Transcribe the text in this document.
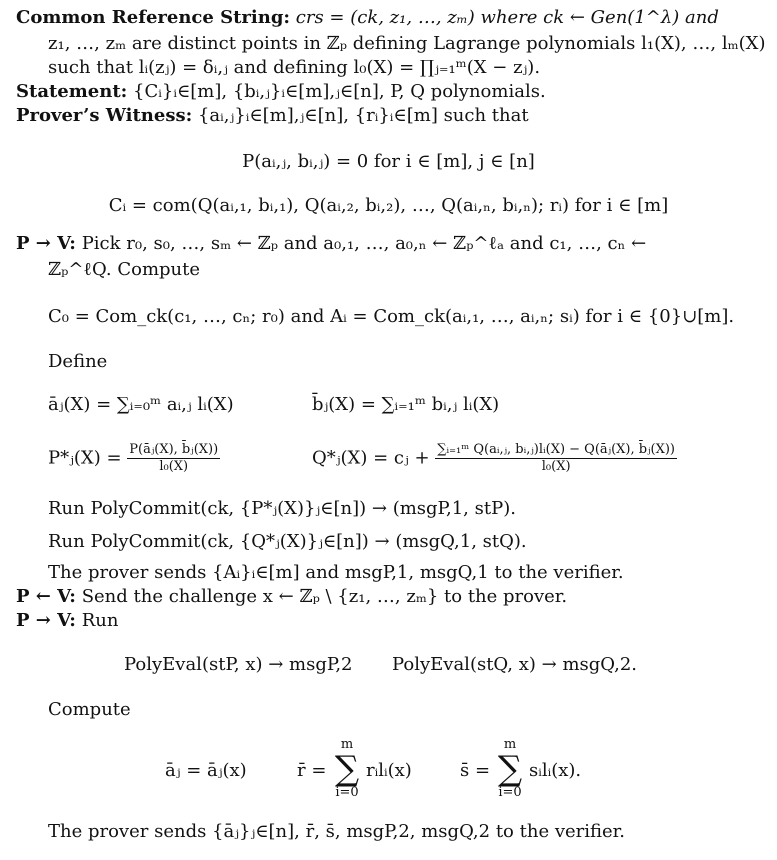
Common Reference String: crs = (ck, z₁, …, zₘ) where ck ← Gen(1^λ) and
z₁, …, zₘ are distinct points in ℤₚ defining Lagrange polynomials l₁(X), …, lₘ(X)
such that lᵢ(zⱼ) = δᵢ,ⱼ and defining l₀(X) = ∏ⱼ₌₁ᵐ(X − zⱼ).
Statement: {Cᵢ}ᵢ∈[m], {bᵢ,ⱼ}ᵢ∈[m],ⱼ∈[n], P, Q polynomials.
Prover’s Witness: {aᵢ,ⱼ}ᵢ∈[m],ⱼ∈[n], {rᵢ}ᵢ∈[m] such that
P(aᵢ,ⱼ, bᵢ,ⱼ) = 0 for i ∈ [m], j ∈ [n]
Cᵢ = com(Q(aᵢ,₁, bᵢ,₁), Q(aᵢ,₂, bᵢ,₂), …, Q(aᵢ,ₙ, bᵢ,ₙ); rᵢ) for i ∈ [m]
P → V: Pick r₀, s₀, …, sₘ ← ℤₚ and a₀,₁, …, a₀,ₙ ← ℤₚ^ℓₐ and c₁, …, cₙ ←
ℤₚ^ℓQ. Compute
C₀ = Com_ck(c₁, …, cₙ; r₀) and Aᵢ = Com_ck(aᵢ,₁, …, aᵢ,ₙ; sᵢ) for i ∈ {0}∪[m].
Define
āⱼ(X) = ∑ᵢ₌₀ᵐ aᵢ,ⱼ lᵢ(X)	b̄ⱼ(X) = ∑ᵢ₌₁ᵐ bᵢ,ⱼ lᵢ(X)
P*ⱼ(X) = $\frac{\text{P(āⱼ(X), b̄ⱼ(X))}}{\text{l₀(X)}}$	Q*ⱼ(X) = cⱼ + $\frac{\text{∑ᵢ₌₁ᵐ Q(aᵢ,ⱼ, bᵢ,ⱼ)lᵢ(X) − Q(āⱼ(X), b̄ⱼ(X))}}{\text{l₀(X)}}$
Run PolyCommit(ck, {P*ⱼ(X)}ⱼ∈[n]) → (msgP,1, stP).
Run PolyCommit(ck, {Q*ⱼ(X)}ⱼ∈[n]) → (msgQ,1, stQ).
The prover sends {Aᵢ}ᵢ∈[m] and msgP,1, msgQ,1 to the verifier.
P ← V: Send the challenge x ← ℤₚ \ {z₁, …, zₘ} to the prover.
P → V: Run
PolyEval(stP, x) → msgP,2 PolyEval(stQ, x) → msgQ,2.
Compute
āⱼ = āⱼ(x)	r̄ =
m
∑
i=0
rᵢlᵢ(x)	s̄ =
m
∑
i=0
sᵢlᵢ(x).
The prover sends {āⱼ}ⱼ∈[n], r̄, s̄, msgP,2, msgQ,2 to the verifier.
